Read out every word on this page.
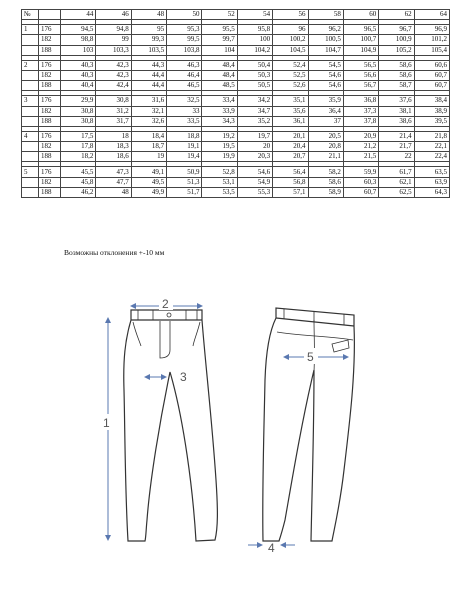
№		44	46	48	50	52	54	56	58	60	62	64

1	176	94,5	94,8	95	95,3	95,5	95,8	96	96,2	96,5	96,7	96,9
	182	98,8	99	99,3	99,5	99,7	100	100,2	100,5	100,7	100,9	101,2
	188	103	103,3	103,5	103,8	104	104,2	104,5	104,7	104,9	105,2	105,4

2	176	40,3	42,3	44,3	46,3	48,4	50,4	52,4	54,5	56,5	58,6	60,6
	182	40,3	42,3	44,4	46,4	48,4	50,3	52,5	54,6	56,6	58,6	60,7
	188	40,4	42,4	44,4	46,5	48,5	50,5	52,6	54,6	56,7	58,7	60,7

3	176	29,9	30,8	31,6	32,5	33,4	34,2	35,1	35,9	36,8	37,6	38,4
	182	30,8	31,2	32,1	33	33,9	34,7	35,6	36,4	37,3	38,1	38,9
	188	30,8	31,7	32,6	33,5	34,3	35,2	36,1	37	37,8	38,6	39,5

4	176	17,5	18	18,4	18,8	19,2	19,7	20,1	20,5	20,9	21,4	21,8
	182	17,8	18,3	18,7	19,1	19,5	20	20,4	20,8	21,2	21,7	22,1
	188	18,2	18,6	19	19,4	19,9	20,3	20,7	21,1	21,5	22	22,4

5	176	45,5	47,3	49,1	50,9	52,8	54,6	56,4	58,2	59,9	61,7	63,5
	182	45,8	47,7	49,5	51,3	53,1	54,9	56,8	58,6	60,3	62,1	63,9
	188	46,2	48	49,9	51,7	53,5	55,3	57,1	58,9	60,7	62,5	64,3
Возможны отклонения +-10 мм
1
2
3
4
5
